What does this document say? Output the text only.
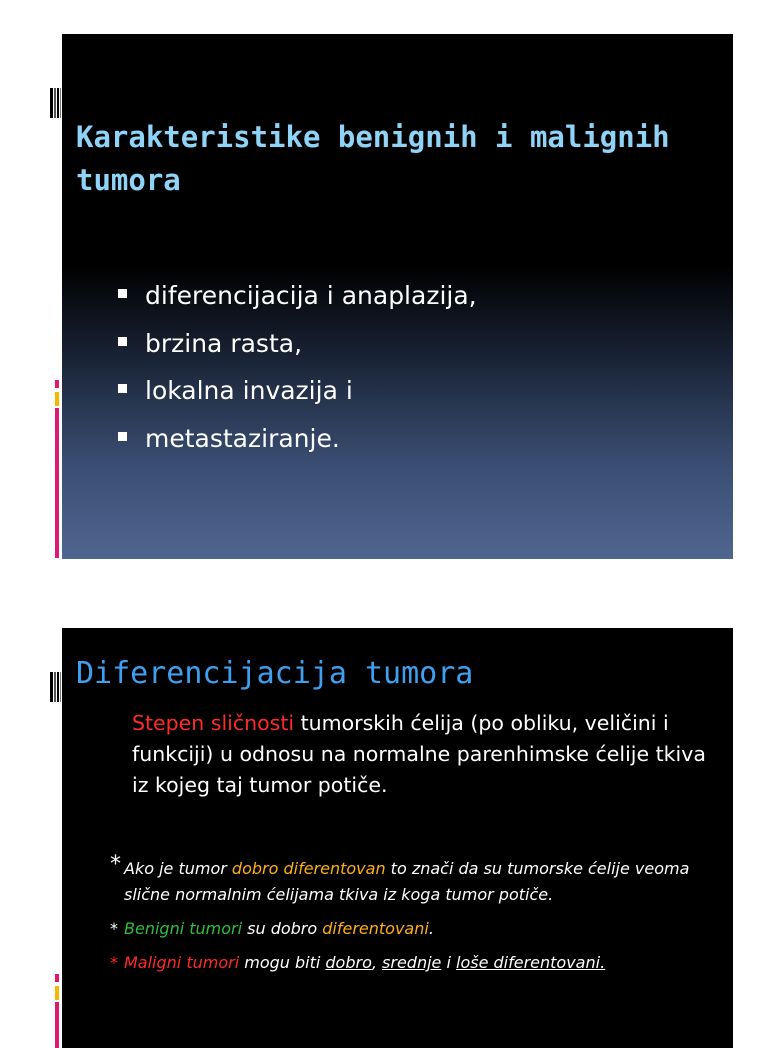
Karakteristike benignih i malignih tumora
diferencijacija i anaplazija,
brzina rasta,
lokalna invazija i
metastaziranje.
Diferencijacija tumora

Stepen sličnosti tumorskih ćelija (po obliku, veličini i funkciji) u odnosu na normalne parenhimske ćelije tkiva iz kojeg taj tumor potiče.

* Ako je tumor dobro diferentovan to znači da su tumorske ćelije veoma slične normalnim ćelijama tkiva iz koga tumor potiče.
* Benigni tumori su dobro diferentovani.
* Maligni tumori mogu biti dobro, srednje i loše diferentovani.
